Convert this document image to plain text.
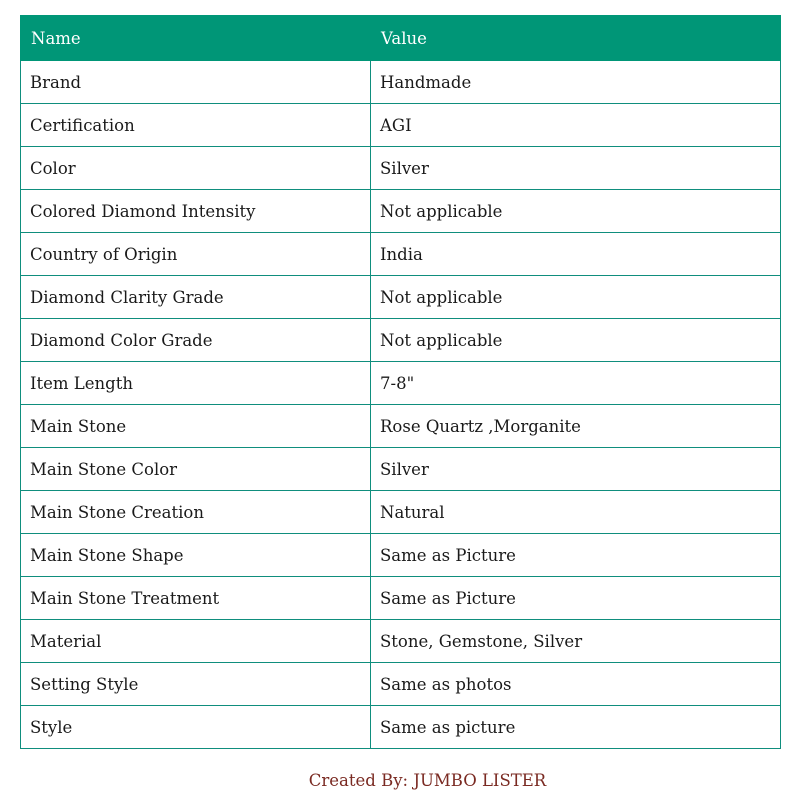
Name	Value
Brand	Handmade
Certification	AGI
Color	Silver
Colored Diamond Intensity	Not applicable
Country of Origin	India
Diamond Clarity Grade	Not applicable
Diamond Color Grade	Not applicable
Item Length	7-8"
Main Stone	Rose Quartz ,Morganite
Main Stone Color	Silver
Main Stone Creation	Natural
Main Stone Shape	Same as Picture
Main Stone Treatment	Same as Picture
Material	Stone, Gemstone, Silver
Setting Style	Same as photos
Style	Same as picture
Created By: JUMBO LISTER
